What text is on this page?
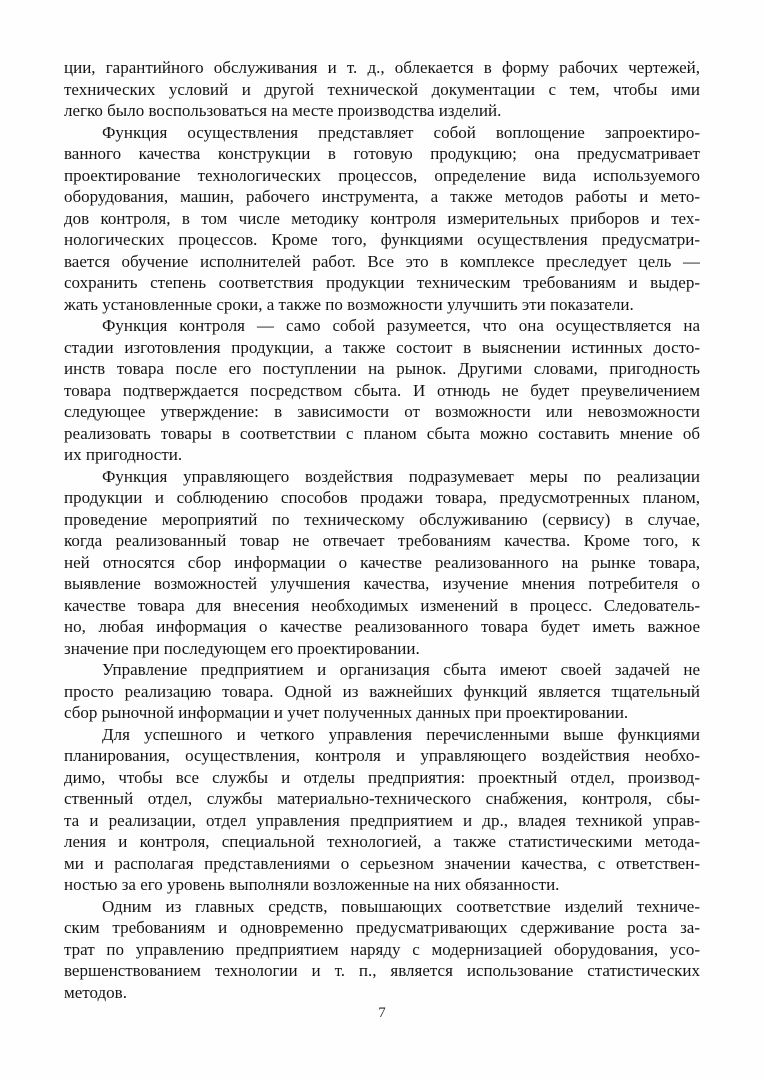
ции, гарантийного обслуживания и т. д., облекается в форму рабочих чертежей,
технических условий и другой технической документации с тем, чтобы ими
легко было воспользоваться на месте производства изделий.
Функция осуществления представляет собой воплощение запроектиро-
ванного качества конструкции в готовую продукцию; она предусматривает
проектирование технологических процессов, определение вида используемого
оборудования, машин, рабочего инструмента, а также методов работы и мето-
дов контроля, в том числе методику контроля измерительных приборов и тех-
нологических процессов. Кроме того, функциями осуществления предусматри-
вается обучение исполнителей работ. Все это в комплексе преследует цель —
сохранить степень соответствия продукции техническим требованиям и выдер-
жать установленные сроки, а также по возможности улучшить эти показатели.
Функция контроля — само собой разумеется, что она осуществляется на
стадии изготовления продукции, а также состоит в выяснении истинных досто-
инств товара после его поступлении на рынок. Другими словами, пригодность
товара подтверждается посредством сбыта. И отнюдь не будет преувеличением
следующее утверждение: в зависимости от возможности или невозможности
реализовать товары в соответствии с планом сбыта можно составить мнение об
их пригодности.
Функция управляющего воздействия подразумевает меры по реализации
продукции и соблюдению способов продажи товара, предусмотренных планом,
проведение мероприятий по техническому обслуживанию (сервису) в случае,
когда реализованный товар не отвечает требованиям качества. Кроме того, к
ней относятся сбор информации о качестве реализованного на рынке товара,
выявление возможностей улучшения качества, изучение мнения потребителя о
качестве товара для внесения необходимых изменений в процесс. Следователь-
но, любая информация о качестве реализованного товара будет иметь важное
значение при последующем его проектировании.
Управление предприятием и организация сбыта имеют своей задачей не
просто реализацию товара. Одной из важнейших функций является тщательный
сбор рыночной информации и учет полученных данных при проектировании.
Для успешного и четкого управления перечисленными выше функциями
планирования, осуществления, контроля и управляющего воздействия необхо-
димо, чтобы все службы и отделы предприятия: проектный отдел, производ-
ственный отдел, службы материально-технического снабжения, контроля, сбы-
та и реализации, отдел управления предприятием и др., владея техникой управ-
ления и контроля, специальной технологией, а также статистическими метода-
ми и располагая представлениями о серьезном значении качества, с ответствен-
ностью за его уровень выполняли возложенные на них обязанности.
Одним из главных средств, повышающих соответствие изделий техниче-
ским требованиям и одновременно предусматривающих сдерживание роста за-
трат по управлению предприятием наряду с модернизацией оборудования, усо-
вершенствованием технологии и т. п., является использование статистических
методов.
7
